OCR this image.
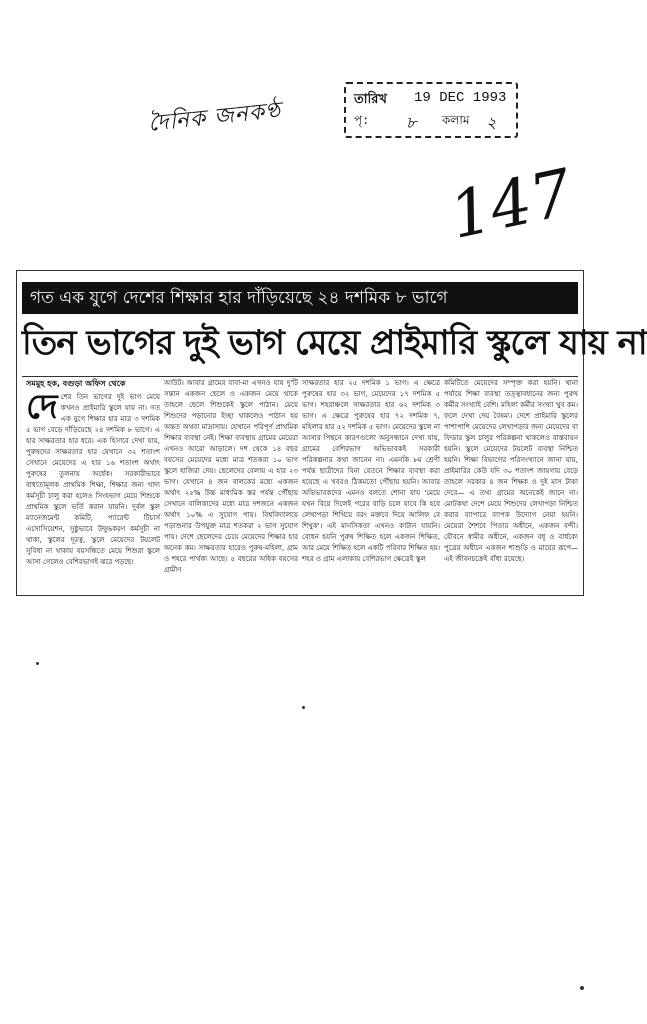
দৈনিক জনকণ্ঠ	তারিখ 19 DEC 1993
পৃ: ৮ কলাম ২
147
গত এক যুগে দেশের শিক্ষার হার দাঁড়িয়েছে ২৪ দশমিক ৮ ভাগে
তিন ভাগের দুই ভাগ মেয়ে প্রাইমারি স্কুলে যায় না
সমমুহ হক, বগুড়া অফিস থেকে
দে শের তিন ভাগের দুই ভাগ মেয়ে কখনও প্রাইমারি স্কুলে যায় না। গত এক যুগে শিক্ষার হার মাত্র ৩ দশমিক ৫ ভাগ বেড়ে দাঁড়িয়েছে ২৪ দশমিক ৮ ভাগে। এ হার সাক্ষরতার হার ধরে। এক হিসাবে দেখা যায়, পুরুষদের সাক্ষরতার হার যেখানে ৩২ শতাংশ সেখানে মেয়েদের এ হার ১৬ শতাংশ অর্থাৎ পুরুষের তুলনায় অর্ধেক। সরকারীভাবে বাধ্যতামূলক প্রাথমিক শিক্ষা, শিক্ষার জন্য খাদ্য কর্মসূচী চালু করা হলেও সিংহভাগ মেয়ে শিশুকে প্রাথমিক স্কুলে ভর্তি করান যায়নি। দুর্বল স্কুল ম্যানেজমেন্ট কমিটি, প্যারেন্ট টিচার্স এসোসিয়েশন, সুষ্ঠুভাবে উদ্বুদ্ধকরণ কর্মসূচী না থাকা, স্কুলের দূরত্ব, স্কুলে মেয়েদের টয়লেট সুবিধা না থাকায় বয়সন্ধিতে মেয়ে শিশুরা স্কুলে আসা গেলেও বেশিরভাগই ঝরে পড়ছে।
আউট। আবার গ্রামের বাবা-মা এখনও যায় দু'টি সন্তান একজন ছেলে ও একজন মেয়ে থাকে তাহলে ছেলে শিশুকেই স্কুলে পাঠান। মেয়ে শিশুদের পড়ানোর ইচ্ছা থাকলেও পাঠান হয় অন্তত অথবা মাদ্রাসায়। যেখানে পরিপূর্ণ প্রাথমিক শিক্ষার ব্যবস্থা নেই। শিক্ষা ব্যবস্থায় গ্রামের মেয়েরা এখনও আরো আড়ালে। দশ থেকে ১৪ বছর বয়সের মেয়েদের মধ্যে মাত্র শতকরা ১০ ভাগ স্কুলে হাজিরা দেয়। ছেলেদের বেলায় এ হার ২৩ ভাগ। যেখানে ৪ জন বালকের মধ্যে একজন অর্থাৎ ২৫% উচ্চ মাধ্যমিক স্তর পর্যন্ত পৌঁছায় সেখানে বালিকাদের মধ্যে মাত্র দশজনে একজন অর্থাৎ ১০% এ সুযোগ পায়। বিশ্ববিদ্যালয়ে পড়াশুনার উপযুক্ত মাত্র শতকরা ২ ভাগ সুযোগ পায়। দেশে ছেলেদের চেয়ে মেয়েদের শিক্ষার হার অনেক কম। সাক্ষরতার হারেও পুরুষ-মহিলা, গ্রাম ও শহরে পার্থক্য আছে। ৫ বছরের অধিক বয়সের গ্রামীণ
সাক্ষরতার হার ২৫ দশমিক ১ ভাগ। এ ক্ষেত্রে পুরুষের হার ৩২ ভাগ, মেয়েদের ১৭ দশমিক ৫ ভাগ। শহরাঞ্চলে সাক্ষরতার হার ৬২ দশমিক ৩ ভাগ। এ ক্ষেত্রে পুরুষের হার ৭২ দশমিক ৭, মহিলার হার ৫২ দশমিক ৫ ভাগ। মেয়েদের স্কুলে না আসার পিছনে কারণগুলো অনুসন্ধানে দেখা যায়, গ্রামের বেশিরভাগ অভিভাবকই সরকারী পরিকল্পনার কথা জানেন না। এমনকি ৮ম শ্রেণী পর্যন্ত ছাত্রীদের বিনা বেতনে শিক্ষার ব্যবস্থা করা হয়েছে এ খবরও ঠিকমতো পৌঁছায় হয়নি। আবার অভিভাবকদের এমনও বলতে শোনা যায় 'মেয়ে যখন বিয়ে দিলেই পরের বাড়ি চলে যাবে কি হবে লেখাপড়া শিখিয়ে বরং মক্তবে দিয়ে আলিফ বে শিখুক'। এই মানসিকতা এখনও কাটান যায়নি। বোধন হয়নি পুরুষ শিক্ষিত হলে একজন শিক্ষিত, আর মেয়ে শিক্ষিত হলে একটি পরিবার শিক্ষিত হয়। শহর ও গ্রাম এলাকায় বেশিরভাগ ক্ষেত্রেই স্কুল
কমিটিতে মেয়েদের সম্পৃক্ত করা হয়নি। থানা পর্যায়ে শিক্ষা ব্যবস্থা তত্ত্বাবধানের জন্য পুরুষ কর্মীর সংখ্যাই বেশি। মহিলা কর্মীর সংখ্যা খুব কম। ফলে দেখা দেয় বৈষম্য। দেশে প্রাইমারি স্কুলের পাশাপাশি মেয়েদের লেখাপড়ার জন্য মেয়েদের বা ফিডার স্কুল চালুর পরিকল্পনা থাকলেও বাস্তবায়ন হয়নি। স্কুলে মেয়েদের টয়লেট ব্যবস্থা নিশ্চিত হয়নি। শিক্ষা বিভাগের পরিসংখ্যানে জানা যায়, প্রাইমারির কেউ যদি ৩০ শতাংশ জায়গায় বেড়ে তাহলে সরকার ৪ জন শিক্ষক ও দুই মাস টাকা দেবে— এ তথ্য গ্রামের অনেকেই জানে না। মোটকথা দেশে মেয়ে শিশুদের লেখাপড়া নিশ্চিত করার ব্যাপারে ব্যাপক উদ্যোগ নেয়া হয়নি। মেয়েরা শৈশবে পিতার অধীনে, একজন বন্দী। যৌবনে স্বামীর অধীনে, একজন বধূ ও বার্ধক্যে পুত্রের অধীনে একজন শাশুড়ি ও মায়ের রূপে— এই জীবনচক্রেই বাঁধা রয়েছে।
